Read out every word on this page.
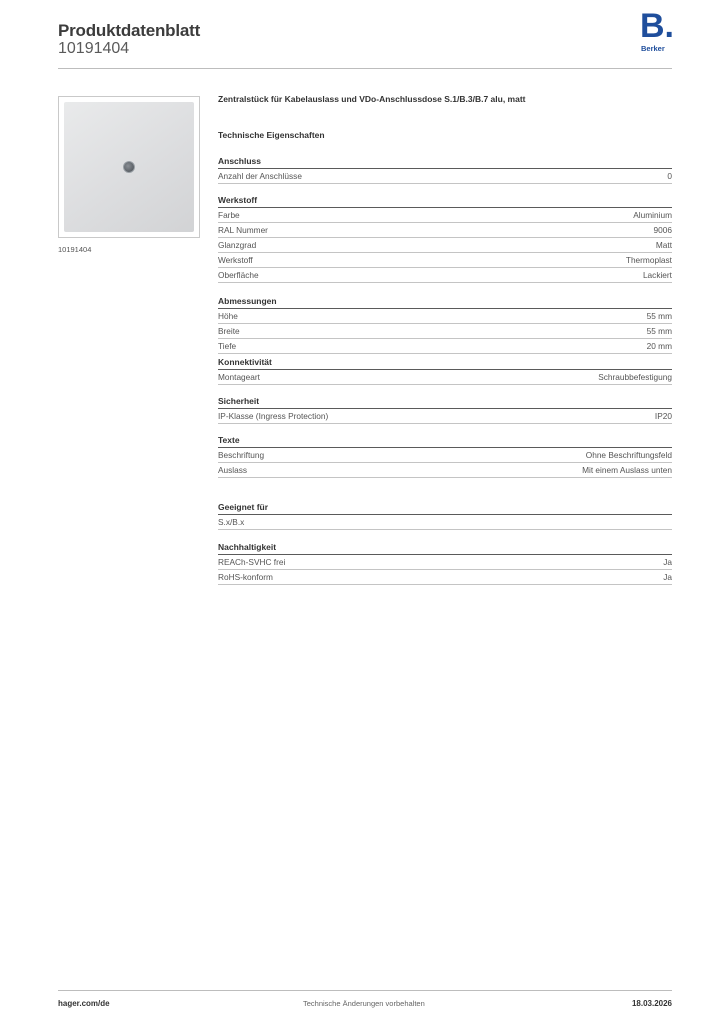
Produktdatenblatt
10191404
B.
Berker
10191404
Zentralstück für Kabelauslass und VDo-Anschlussdose S.1/B.3/B.7 alu, matt
Technische Eigenschaften
Anschluss
Anzahl der Anschlüsse	0
Werkstoff
Farbe	Aluminium
RAL Nummer	9006
Glanzgrad	Matt
Werkstoff	Thermoplast
Oberfläche	Lackiert
Abmessungen
Höhe	55 mm
Breite	55 mm
Tiefe	20 mm
Konnektivität
Montageart	Schraubbefestigung
Sicherheit
IP-Klasse (Ingress Protection)	IP20
Texte
Beschriftung	Ohne Beschriftungsfeld
Auslass	Mit einem Auslass unten
Geeignet für
S.x/B.x
Nachhaltigkeit
REACh-SVHC frei	Ja
RoHS-konform	Ja
hager.com/de	Technische Änderungen vorbehalten	18.03.2026
